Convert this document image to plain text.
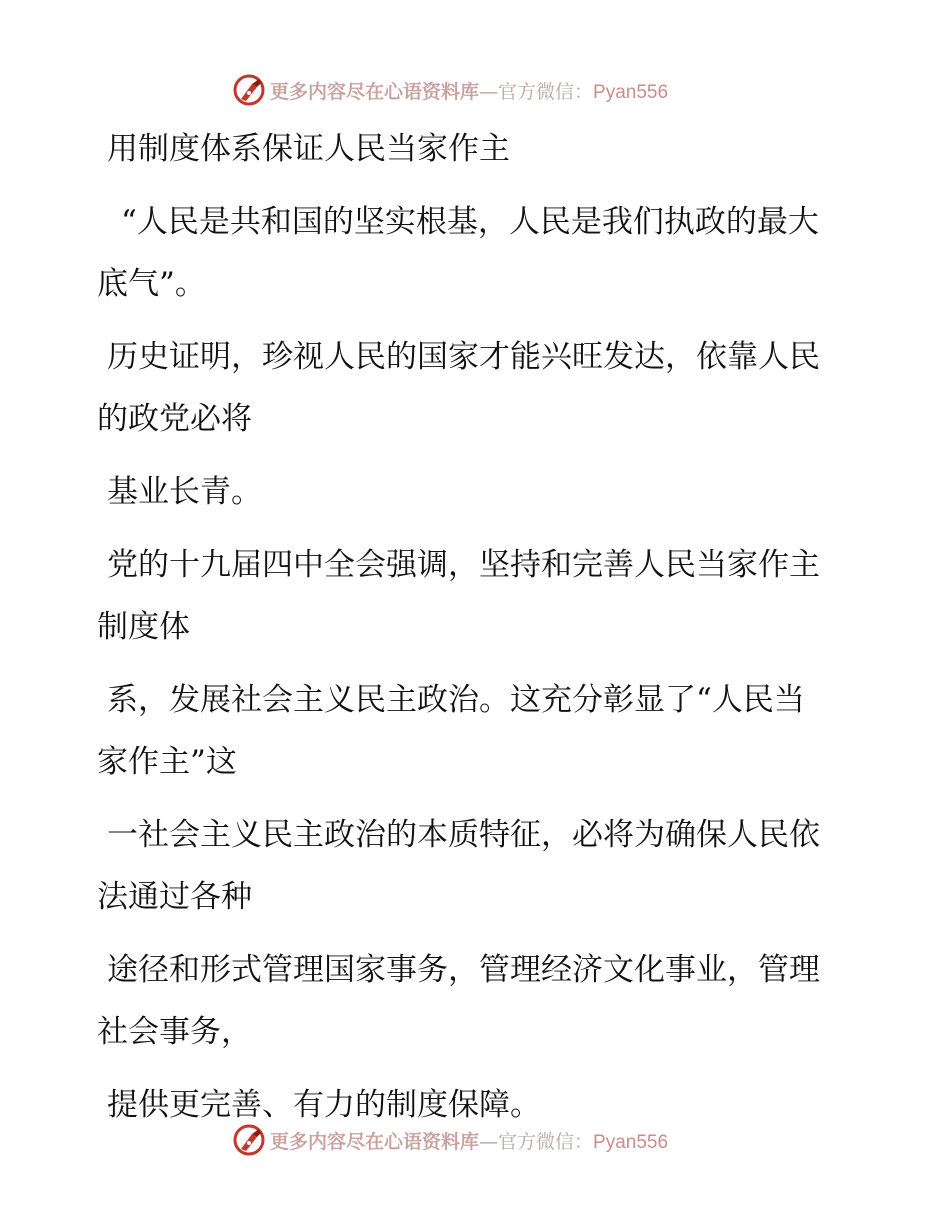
更多内容尽在心语资料库—官方微信：Pyan556

用制度体系保证人民当家作主

“人民是共和国的坚实根基，人民是我们执政的最大底气”。

历史证明，珍视人民的国家才能兴旺发达，依靠人民的政党必将

基业长青。

党的十九届四中全会强调，坚持和完善人民当家作主制度体

系，发展社会主义民主政治。这充分彰显了“人民当家作主”这

一社会主义民主政治的本质特征，必将为确保人民依法通过各种

途径和形式管理国家事务，管理经济文化事业，管理社会事务，

提供更完善、有力的制度保障。

更多内容尽在心语资料库—官方微信：Pyan556
